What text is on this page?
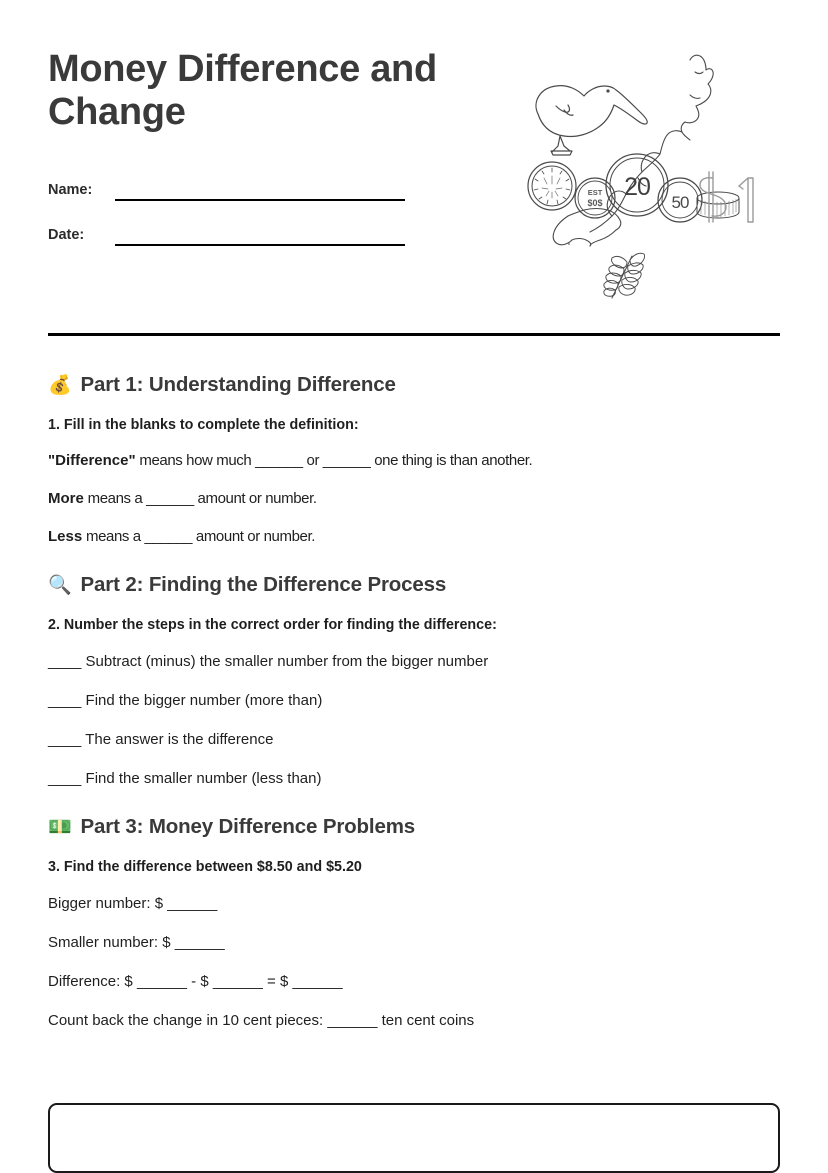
Money Difference and Change
Name:
Date:
EST
$0$
20
50
💰 Part 1: Understanding Difference

1. Fill in the blanks to complete the definition:

"Difference" means how much ______ or ______ one thing is than another.

More means a ______ amount or number.

Less means a ______ amount or number.

🔍 Part 2: Finding the Difference Process

2. Number the steps in the correct order for finding the difference:

____ Subtract (minus) the smaller number from the bigger number

____ Find the bigger number (more than)

____ The answer is the difference

____ Find the smaller number (less than)

💵 Part 3: Money Difference Problems

3. Find the difference between $8.50 and $5.20

Bigger number: $ ______

Smaller number: $ ______

Difference: $ ______ - $ ______ = $ ______

Count back the change in 10 cent pieces: ______ ten cent coins
